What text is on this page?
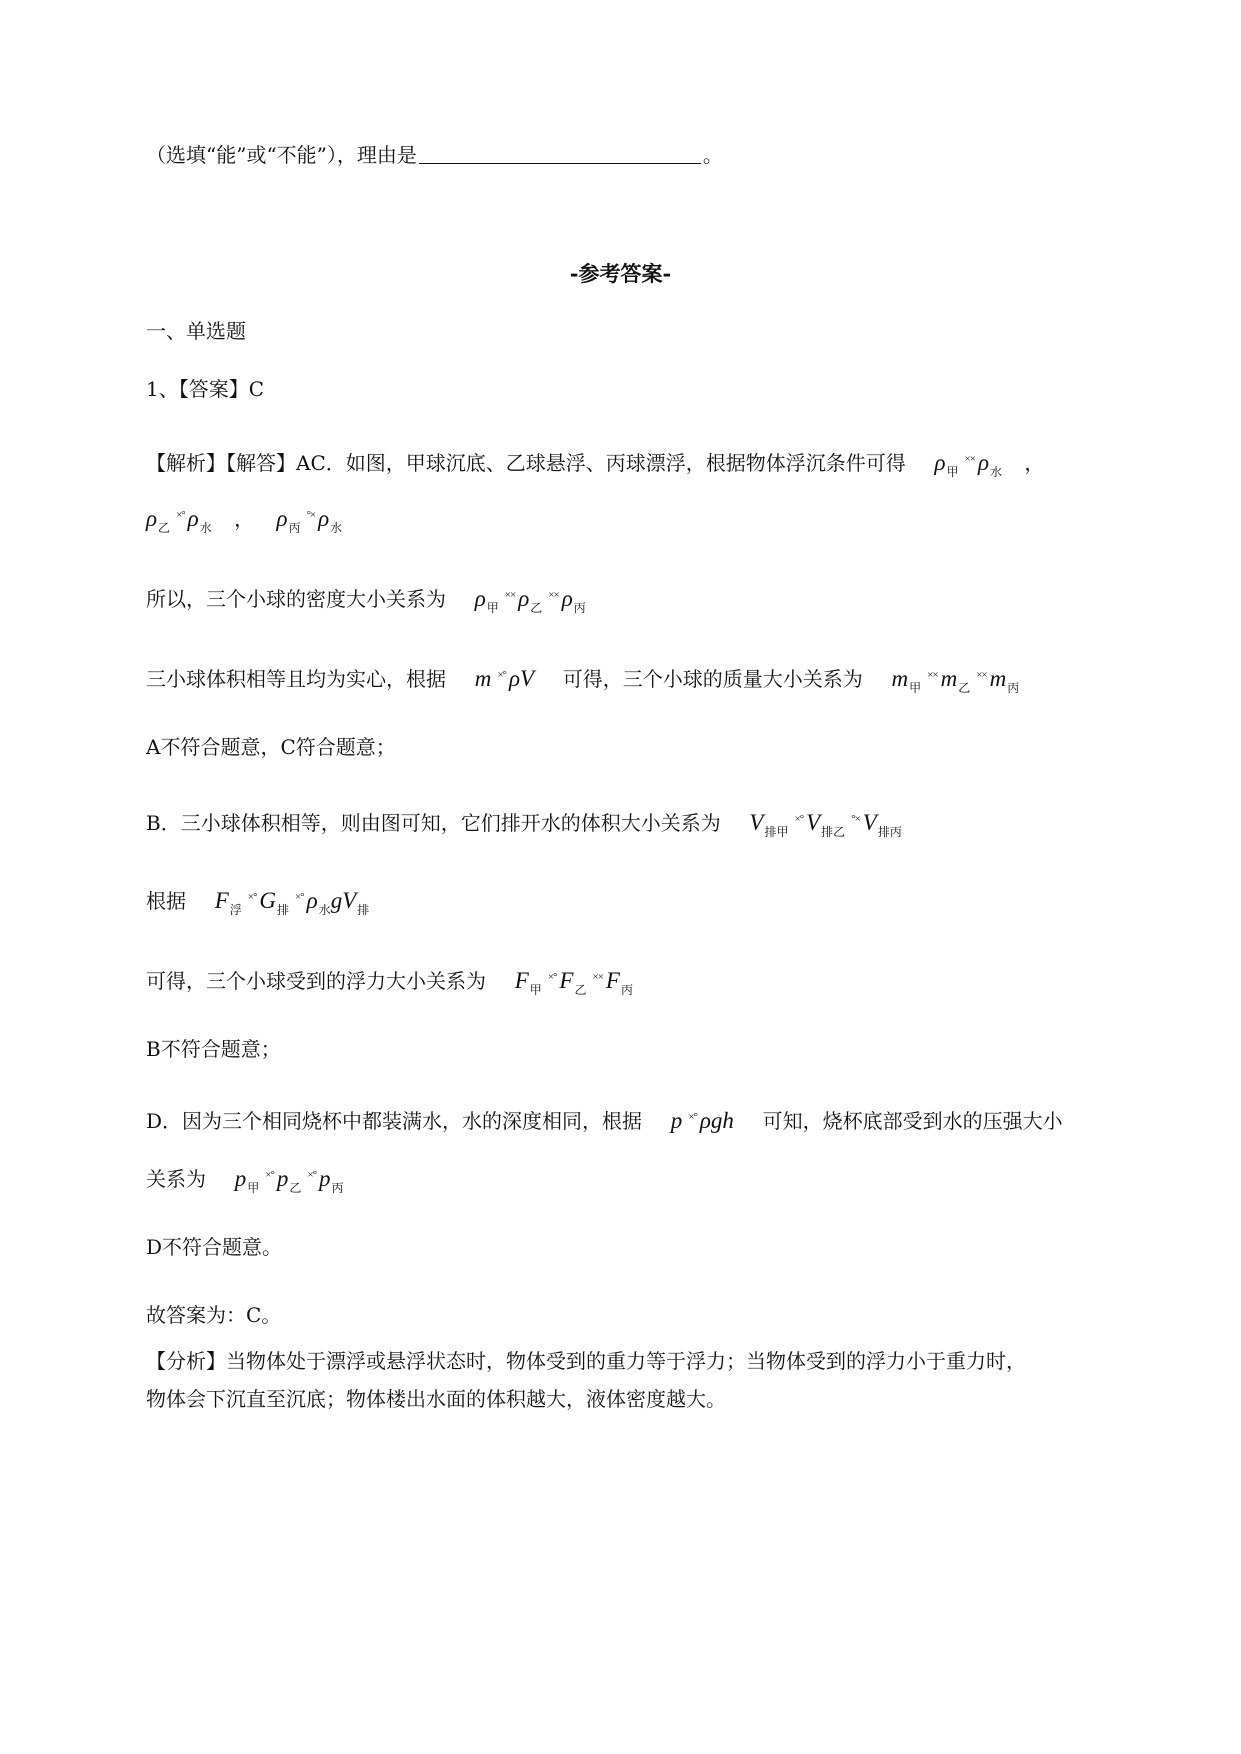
（选填“能”或“不能”），理由是	。
-参考答案-
一、单选题
1、【答案】C
【解析】【解答】AC．如图，甲球沉底、乙球悬浮、丙球漂浮，根据物体浮沉条件可得 $\rho_甲^{\times\times}$ $\rho_水$ ，
$\rho_乙^{\times^\circ}$ $\rho_水$ ， $\rho_丙^{^\circ\times}$ $\rho_水$
所以，三个小球的密度大小关系为 $\rho_甲^{\times\times}$ $\rho_乙^{\times\times}$ $\rho_丙$
三小球体积相等且均为实心，根据 m ×° ρV 可得，三个小球的质量大小关系为 $m_甲^{\times\times}$ $m_乙^{\times\times}$ $m_丙$
A不符合题意，C符合题意；
B．三小球体积相等，则由图可知，它们排开水的体积大小关系为 $V_{排甲}^{\times^\circ}$ $V_{排乙}^{^\circ\times}$ $V_{排丙}$
根据 $F_浮^{\times^\circ}$ $G_排^{\times^\circ}$ $\rho_水gV_排$
可得，三个小球受到的浮力大小关系为 $F_甲^{\times^\circ}$ $F_乙^{\times\times}$ $F_丙$
B不符合题意；
D．因为三个相同烧杯中都装满水，水的深度相同，根据 p ×° ρgh 可知，烧杯底部受到水的压强大小
关系为 $p_甲^{\times^\circ}$ $p_乙^{\times^\circ}$ $p_丙$
D不符合题意。
故答案为：C。
【分析】当物体处于漂浮或悬浮状态时，物体受到的重力等于浮力；当物体受到的浮力小于重力时，
物体会下沉直至沉底；物体楼出水面的体积越大，液体密度越大。
